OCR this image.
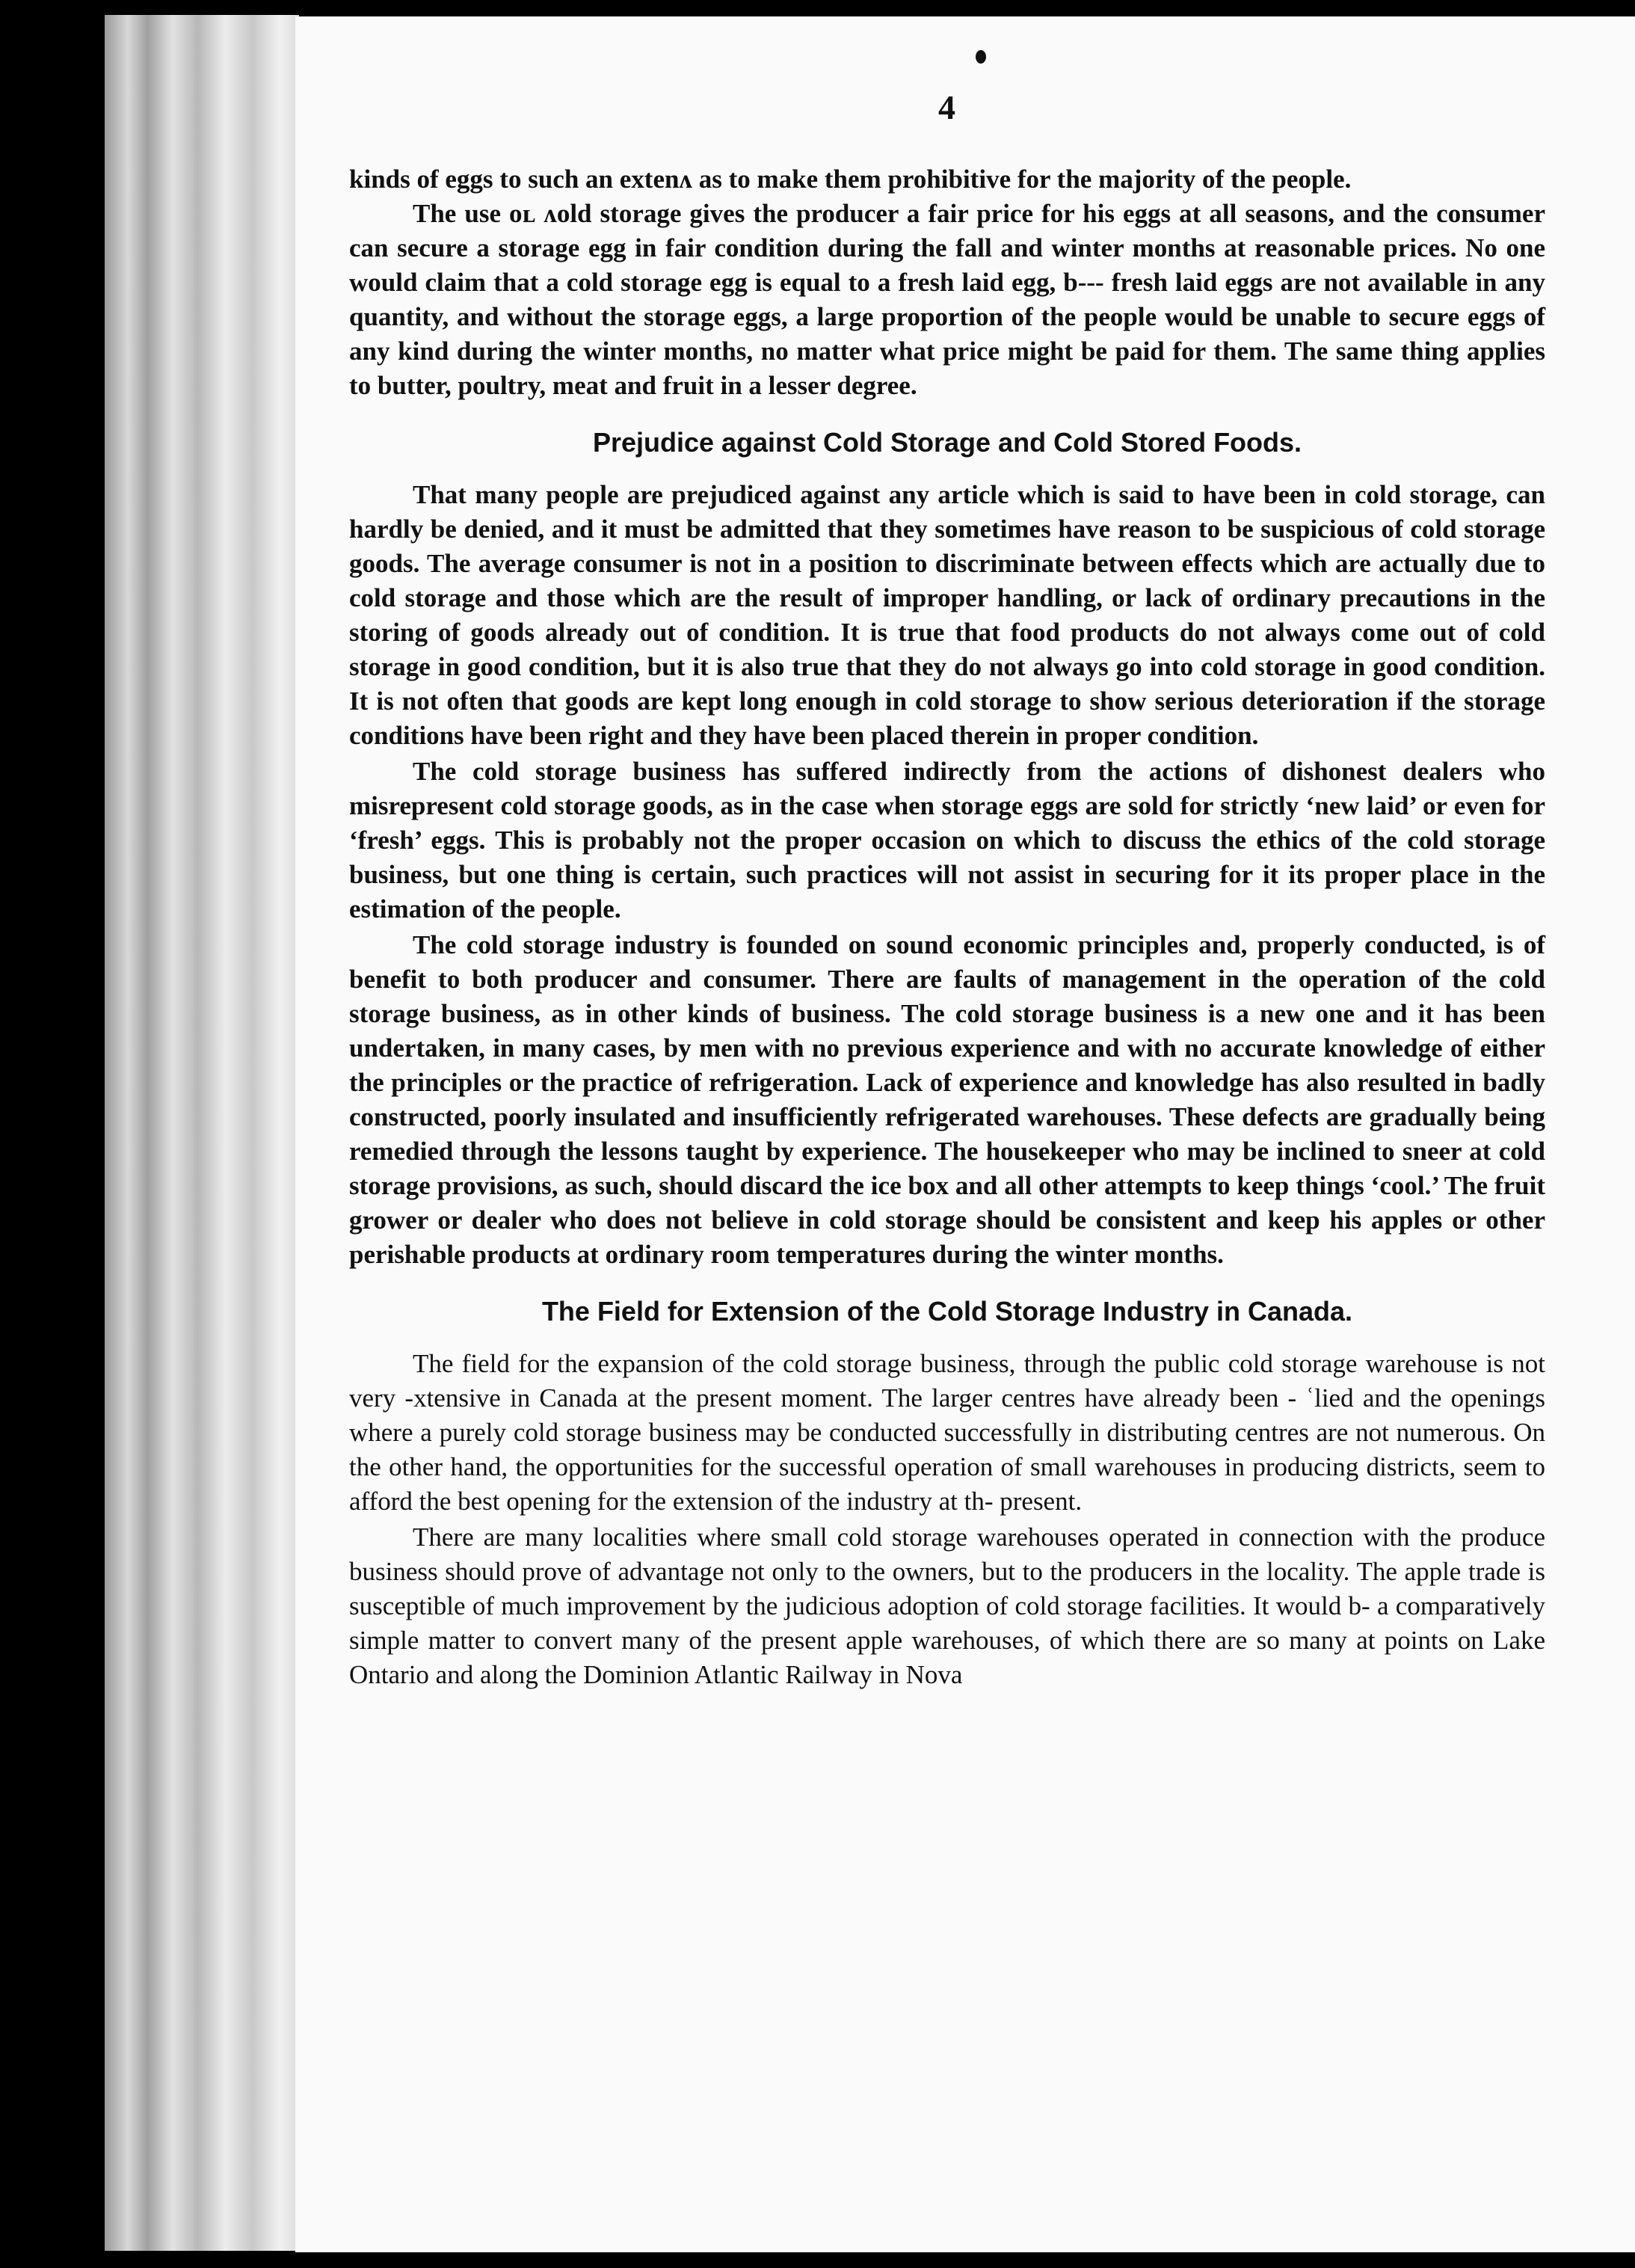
4

kinds of eggs to such an extenʌ as to make them prohibitive for the majority of the people.

The use oʟ ʌold storage gives the producer a fair price for his eggs at all seasons, and the consumer can secure a storage egg in fair condition during the fall and winter months at reasonable prices. No one would claim that a cold storage egg is equal to a fresh laid egg, b‐‐‐ fresh laid eggs are not available in any quantity, and without the storage eggs, a large proportion of the people would be unable to secure eggs of any kind during the winter months, no matter what price might be paid for them. The same thing applies to butter, poultry, meat and fruit in a lesser degree.

Prejudice against Cold Storage and Cold Stored Foods.

That many people are prejudiced against any article which is said to have been in cold storage, can hardly be denied, and it must be admitted that they sometimes have reason to be suspicious of cold storage goods. The average consumer is not in a position to discriminate between effects which are actually due to cold storage and those which are the result of improper handling, or lack of ordinary precautions in the storing of goods already out of condition. It is true that food products do not always come out of cold storage in good condition, but it is also true that they do not always go into cold storage in good condition. It is not often that goods are kept long enough in cold storage to show serious deterioration if the storage conditions have been right and they have been placed therein in proper condition.

The cold storage business has suffered indirectly from the actions of dishonest dealers who misrepresent cold storage goods, as in the case when storage eggs are sold for strictly ‘new laid’ or even for ‘fresh’ eggs. This is probably not the proper occasion on which to discuss the ethics of the cold storage business, but one thing is certain, such practices will not assist in securing for it its proper place in the estimation of the people.

The cold storage industry is founded on sound economic principles and, properly conducted, is of benefit to both producer and consumer. There are faults of management in the operation of the cold storage business, as in other kinds of business. The cold storage business is a new one and it has been undertaken, in many cases, by men with no previous experience and with no accurate knowledge of either the principles or the practice of refrigeration. Lack of experience and knowledge has also resulted in badly constructed, poorly insulated and insufficiently refrigerated warehouses. These defects are gradually being remedied through the lessons taught by experience. The housekeeper who may be inclined to sneer at cold storage provisions, as such, should discard the ice box and all other attempts to keep things ‘cool.’ The fruit grower or dealer who does not believe in cold storage should be consistent and keep his apples or other perishable products at ordinary room temperatures during the winter months.

The Field for Extension of the Cold Storage Industry in Canada.

The field for the expansion of the cold storage business, through the public cold storage warehouse is not very ‐xtensive in Canada at the present moment. The larger centres have already been ‐ ʿlied and the openings where a purely cold storage business may be conducted successfully in distributing centres are not numerous. On the other hand, the opportunities for the successful operation of small warehouses in producing districts, seem to afford the best opening for the extension of the industry at th‐ present.

There are many localities where small cold storage warehouses operated in connection with the produce business should prove of advantage not only to the owners, but to the producers in the locality. The apple trade is susceptible of much improvement by the judicious adoption of cold storage facilities. It would b‐ a comparatively simple matter to convert many of the present apple warehouses, of which there are so many at points on Lake Ontario and along the Dominion Atlantic Railway in Nova
